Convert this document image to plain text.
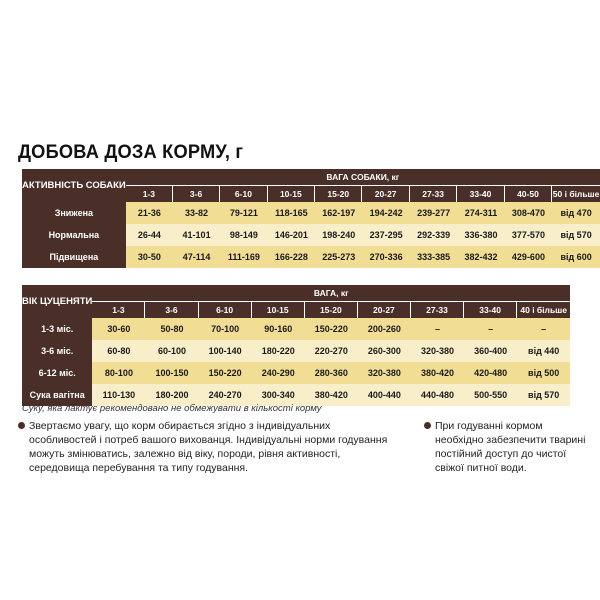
ДОБОВА ДОЗА КОРМУ, г
АКТИВНІСТЬ СОБАКИ	ВАГА СОБАКИ, кг									
	1-3	3-6	6-10	10-15	15-20	20-27	27-33	33-40	40-50	50 і більше
Знижена	21-36	33-82	79-121	118-165	162-197	194-242	239-277	274-311	308-470	від 470
Нормальна	26-44	41-101	98-149	146-201	198-240	237-295	292-339	336-380	377-570	від 570
Підвищена	30-50	47-114	111-169	166-228	225-273	270-336	333-385	382-432	429-600	від 600
ВІК ЦУЦЕНЯТИ	ВАГА, кг								
	1-3	3-6	6-10	10-15	15-20	20-27	27-33	33-40	40 і більше
1-3 міс.	30-60	50-80	70-100	90-160	150-220	200-260	–	–	–
3-6 міс.	60-80	60-100	100-140	180-220	220-270	260-300	320-380	360-400	від 440
6-12 міс.	80-100	100-150	150-220	240-290	280-360	320-380	380-420	420-480	від 500
Сука вагітна	110-130	180-200	240-270	300-340	380-420	400-440	440-480	500-550	від 570
Суку, яка лактує рекомендовано не обмежувати в кількості корму
Звертаємо увагу, що корм обирається згідно з індивідуальних особливостей і потреб вашого вихованця. Індивідуальні норми годування можуть змінюватись, залежно від віку, породи, рівня активності, середовища перебування та типу годування.
При годуванні кормом необхідно забезпечити тварині постійний доступ до чистої свіжої питної води.
